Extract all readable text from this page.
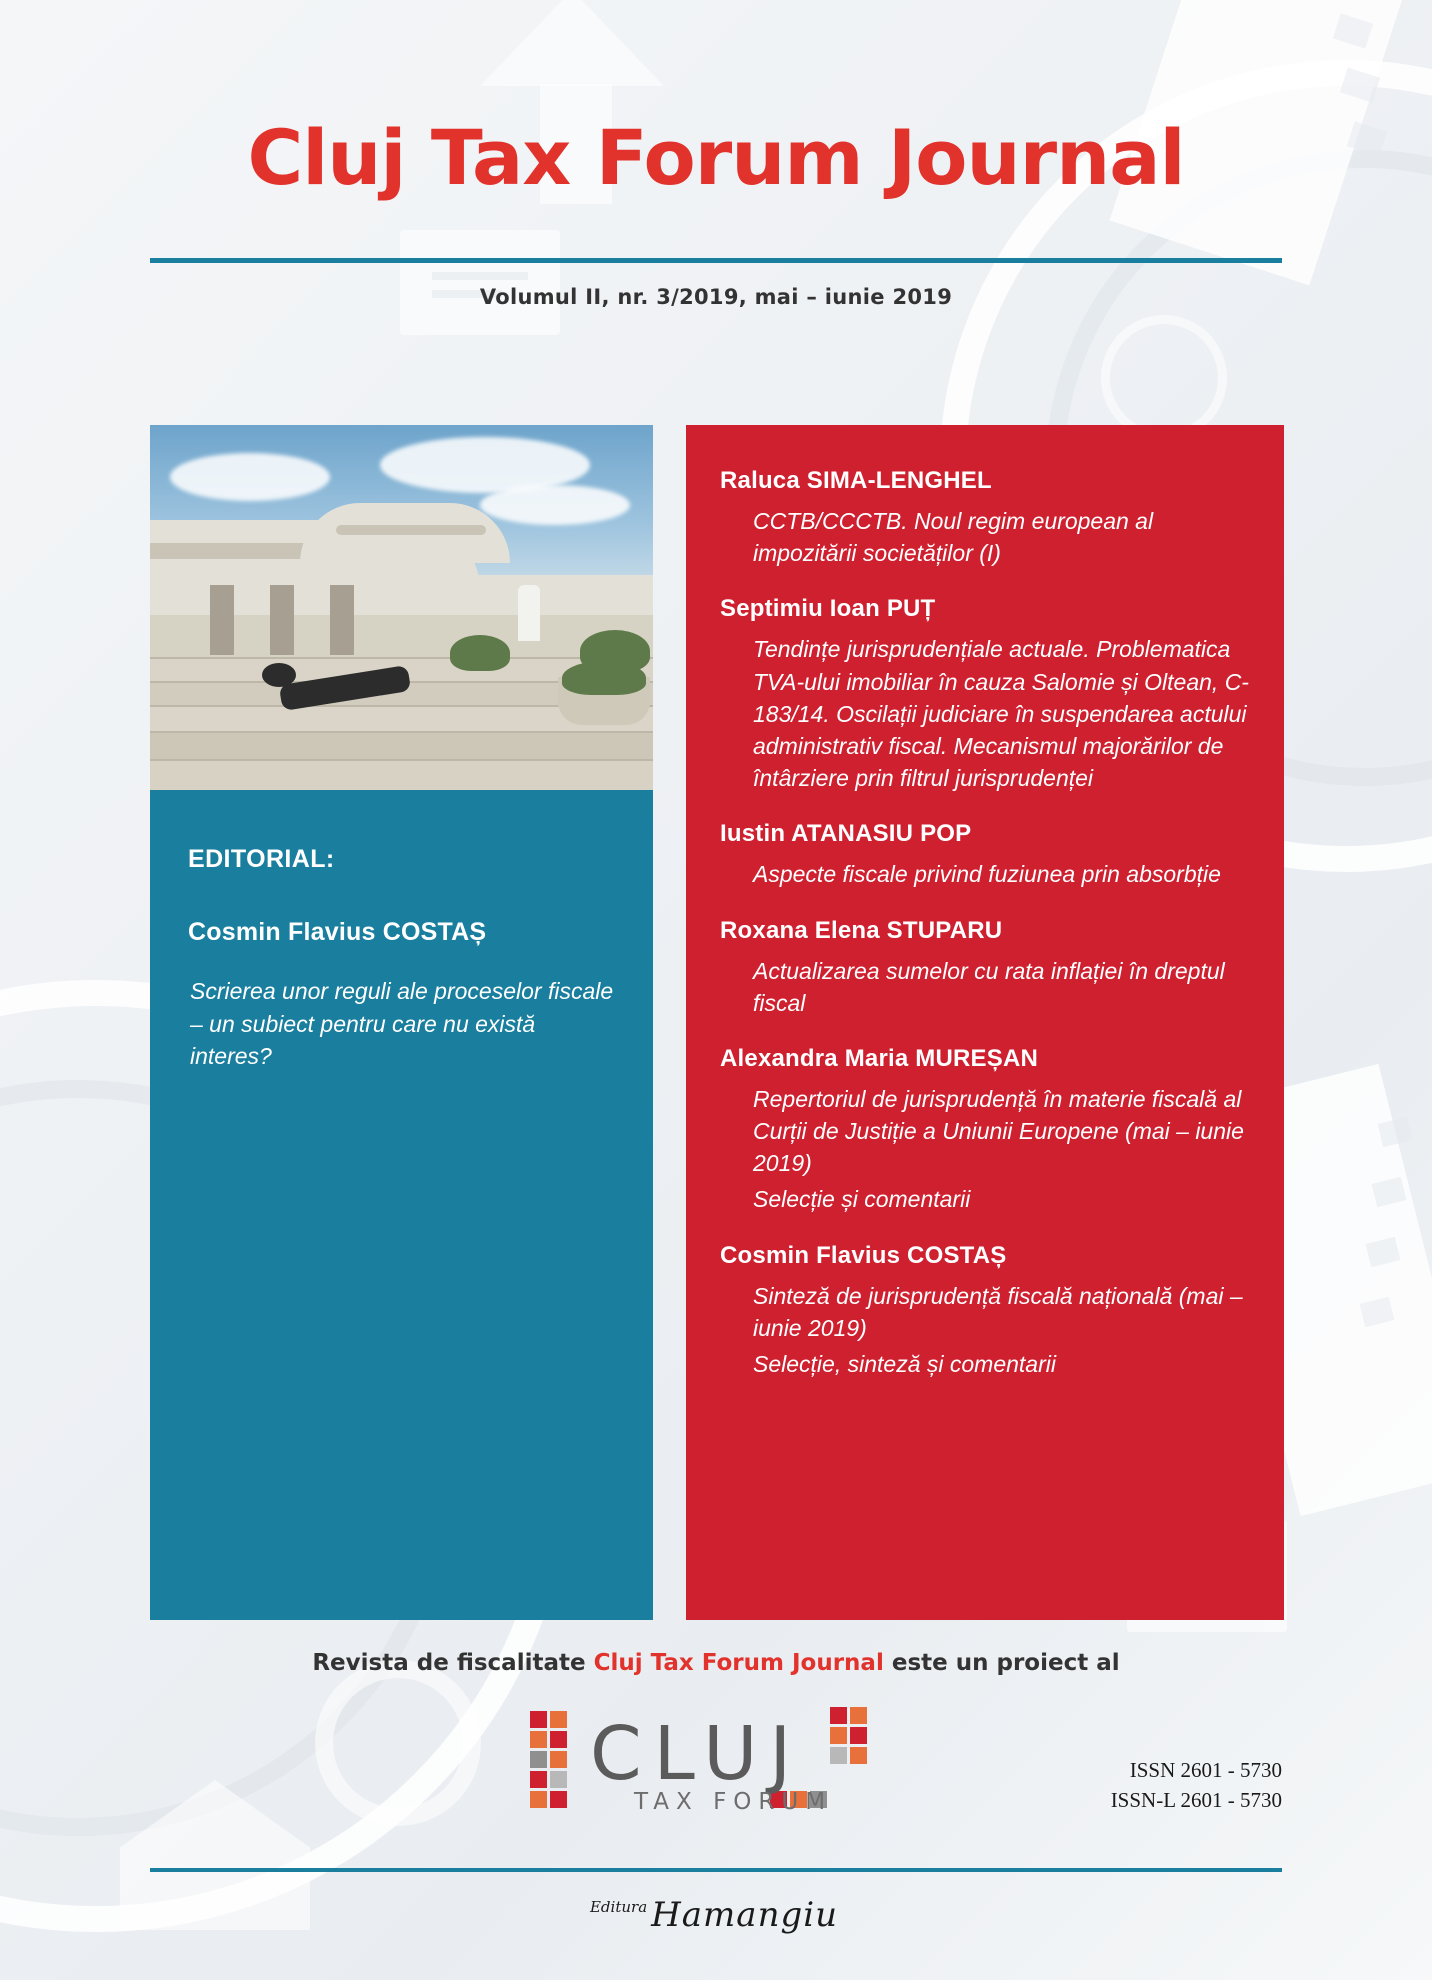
Cluj Tax Forum Journal
Volumul II, nr. 3/2019, mai – iunie 2019
EDITORIAL:
Cosmin Flavius COSTAȘ
Scrierea unor reguli ale proceselor fiscale – un subiect pentru care nu există interes?
Raluca SIMA-LENGHEL
CCTB/CCCTB. Noul regim european al impozitării societăților (I)
Septimiu Ioan PUȚ
Tendințe jurisprudențiale actuale. Problematica TVA-ului imobiliar în cauza Salomie și Oltean, C-183/14. Oscilații judiciare în suspendarea actului administrativ fiscal. Mecanismul majorărilor de întârziere prin filtrul jurisprudenței
Iustin ATANASIU POP
Aspecte fiscale privind fuziunea prin absorbție
Roxana Elena STUPARU
Actualizarea sumelor cu rata inflației în dreptul fiscal
Alexandra Maria MUREȘAN
Repertoriul de jurisprudență în materie fiscală al Curții de Justiție a Uniunii Europene (mai – iunie 2019)
Selecție și comentarii
Cosmin Flavius COSTAȘ
Sinteză de jurisprudență fiscală națională (mai – iunie 2019)
Selecție, sinteză și comentarii
Revista de fiscalitate Cluj Tax Forum Journal este un proiect al
CLUJ
TAX FORUM
ISSN 2601 - 5730
ISSN-L 2601 - 5730
Editura Hamangiu
